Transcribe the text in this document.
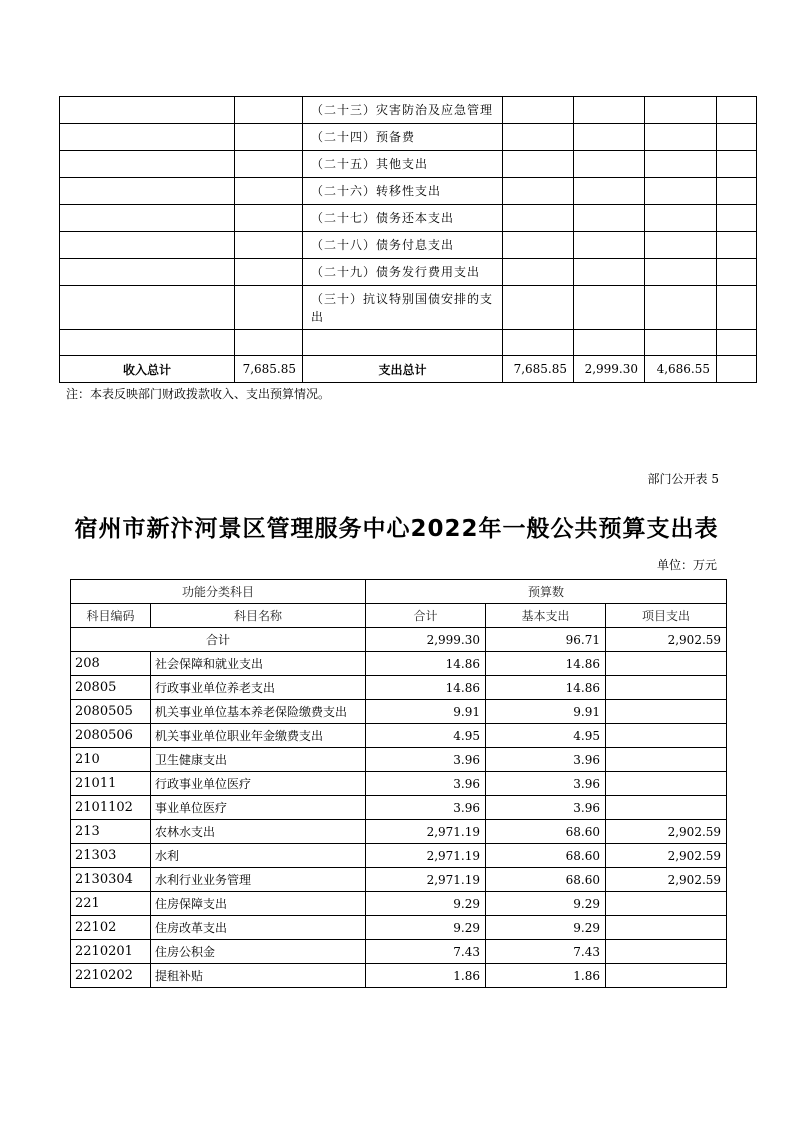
		（二十三）灾害防治及应急管理				
		（二十四）预备费				
		（二十五）其他支出				
		（二十六）转移性支出				
		（二十七）债务还本支出				
		（二十八）债务付息支出				
		（二十九）债务发行费用支出				
		（三十）抗议特别国债安排的支出				

收入总计	7,685.85	支出总计	7,685.85	2,999.30	4,686.55	
注：本表反映部门财政拨款收入、支出预算情况。
部门公开表 5
宿州市新汴河景区管理服务中心2022年一般公共预算支出表
单位：万元
功能分类科目		预算数		
科目编码	科目名称	合计	基本支出	项目支出
合计		2,999.30	96.71	2,902.59
208	社会保障和就业支出	14.86	14.86	
20805	行政事业单位养老支出	14.86	14.86	
2080505	机关事业单位基本养老保险缴费支出	9.91	9.91	
2080506	机关事业单位职业年金缴费支出	4.95	4.95	
210	卫生健康支出	3.96	3.96	
21011	行政事业单位医疗	3.96	3.96	
2101102	事业单位医疗	3.96	3.96	
213	农林水支出	2,971.19	68.60	2,902.59
21303	水利	2,971.19	68.60	2,902.59
2130304	水利行业业务管理	2,971.19	68.60	2,902.59
221	住房保障支出	9.29	9.29	
22102	住房改革支出	9.29	9.29	
2210201	住房公积金	7.43	7.43	
2210202	提租补贴	1.86	1.86	
